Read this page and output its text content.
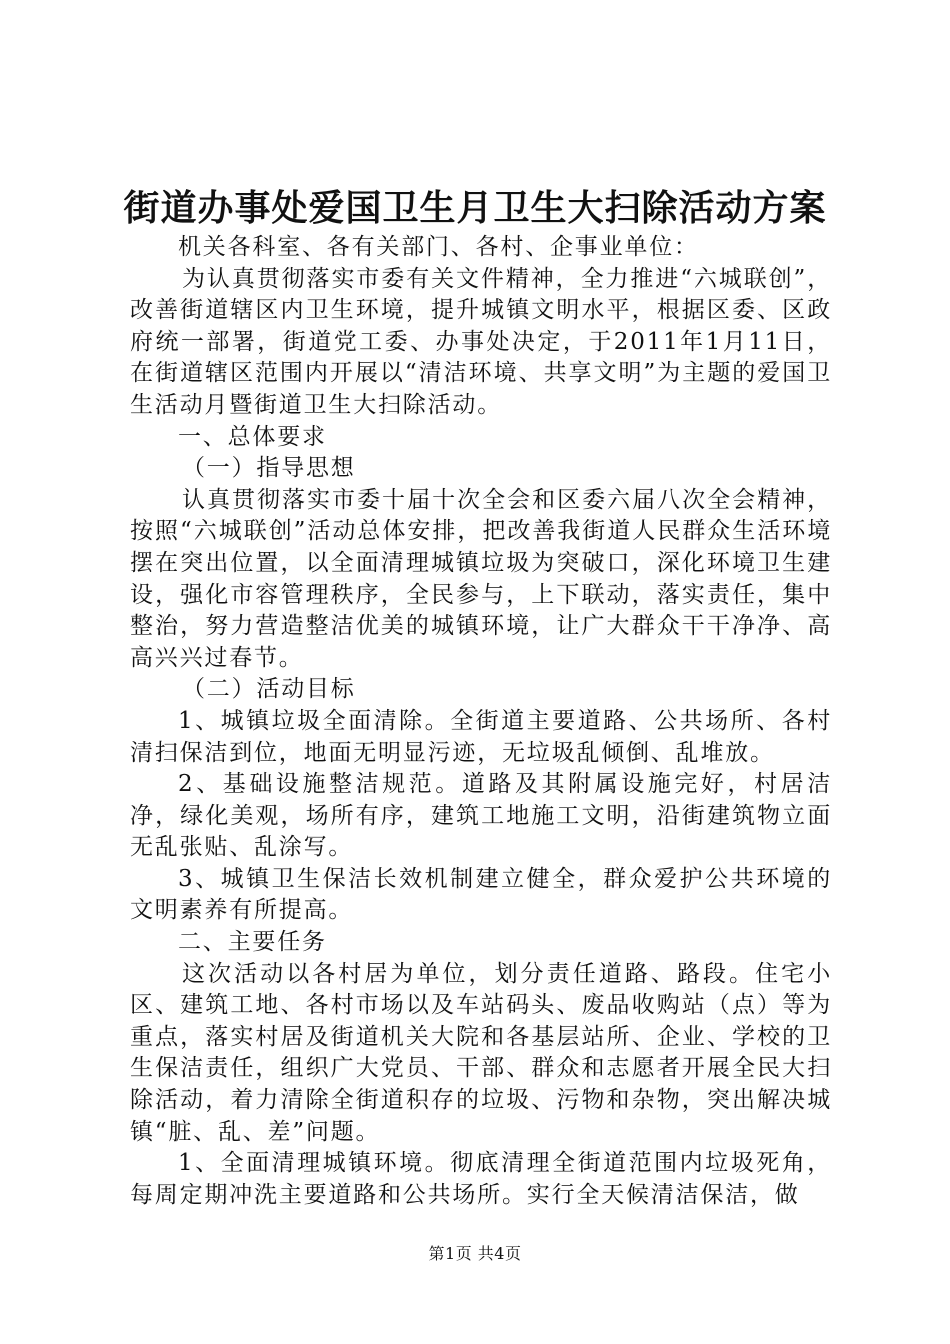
街道办事处爱国卫生月卫生大扫除活动方案

机关各科室、各有关部门、各村、企事业单位：

为认真贯彻落实市委有关文件精神，全力推进“六城联创”，改善街道辖区内卫生环境，提升城镇文明水平，根据区委、区政府统一部署，街道党工委、办事处决定，于2011年1月11日，在街道辖区范围内开展以“清洁环境、共享文明”为主题的爱国卫生活动月暨街道卫生大扫除活动。

一、总体要求

（一）指导思想

认真贯彻落实市委十届十次全会和区委六届八次全会精神，按照“六城联创”活动总体安排，把改善我街道人民群众生活环境摆在突出位置，以全面清理城镇垃圾为突破口，深化环境卫生建设，强化市容管理秩序，全民参与，上下联动，落实责任，集中整治，努力营造整洁优美的城镇环境，让广大群众干干净净、高高兴兴过春节。

（二）活动目标

1、城镇垃圾全面清除。全街道主要道路、公共场所、各村清扫保洁到位，地面无明显污迹，无垃圾乱倾倒、乱堆放。

2、基础设施整洁规范。道路及其附属设施完好，村居洁净，绿化美观，场所有序，建筑工地施工文明，沿街建筑物立面无乱张贴、乱涂写。

3、城镇卫生保洁长效机制建立健全，群众爱护公共环境的文明素养有所提高。

二、主要任务

这次活动以各村居为单位，划分责任道路、路段。住宅小区、建筑工地、各村市场以及车站码头、废品收购站（点）等为重点，落实村居及街道机关大院和各基层站所、企业、学校的卫生保洁责任，组织广大党员、干部、群众和志愿者开展全民大扫除活动，着力清除全街道积存的垃圾、污物和杂物，突出解决城镇“脏、乱、差”问题。

1、全面清理城镇环境。彻底清理全街道范围内垃圾死角，每周定期冲洗主要道路和公共场所。实行全天候清洁保洁，做

第1页 共4页
